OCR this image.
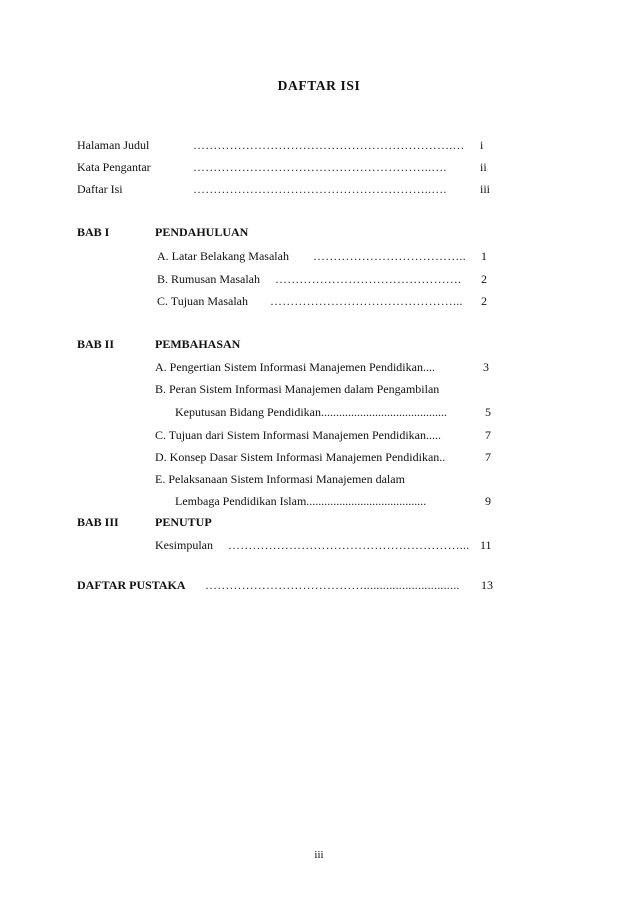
DAFTAR ISI
Halaman Judul	……………………………………………………….… i
Kata Pengantar	…………………………………………………..….	ii
Daftar Isi	…………………………………………………..….	iii
BAB I	PENDAHULUAN
A. Latar Belakang Masalah ……………………………….. 1
B. Rumusan Masalah ………………………………………. 2
C. Tujuan Masalah ………………………………………... 2
BAB II	PEMBAHASAN
A. Pengertian Sistem Informasi Manajemen Pendidikan....	3
B. Peran Sistem Informasi Manajemen dalam Pengambilan
Keputusan Bidang Pendidikan..........................................	5
C. Tujuan dari Sistem Informasi Manajemen Pendidikan.....	7
D. Konsep Dasar Sistem Informasi Manajemen Pendidikan..	7
E. Pelaksanaan Sistem Informasi Manajemen dalam
Lembaga Pendidikan Islam........................................	9
BAB III	PENUTUP
Kesimpulan …………………………………………………... 11
DAFTAR PUSTAKA ………………………………….............................. 13
iii
